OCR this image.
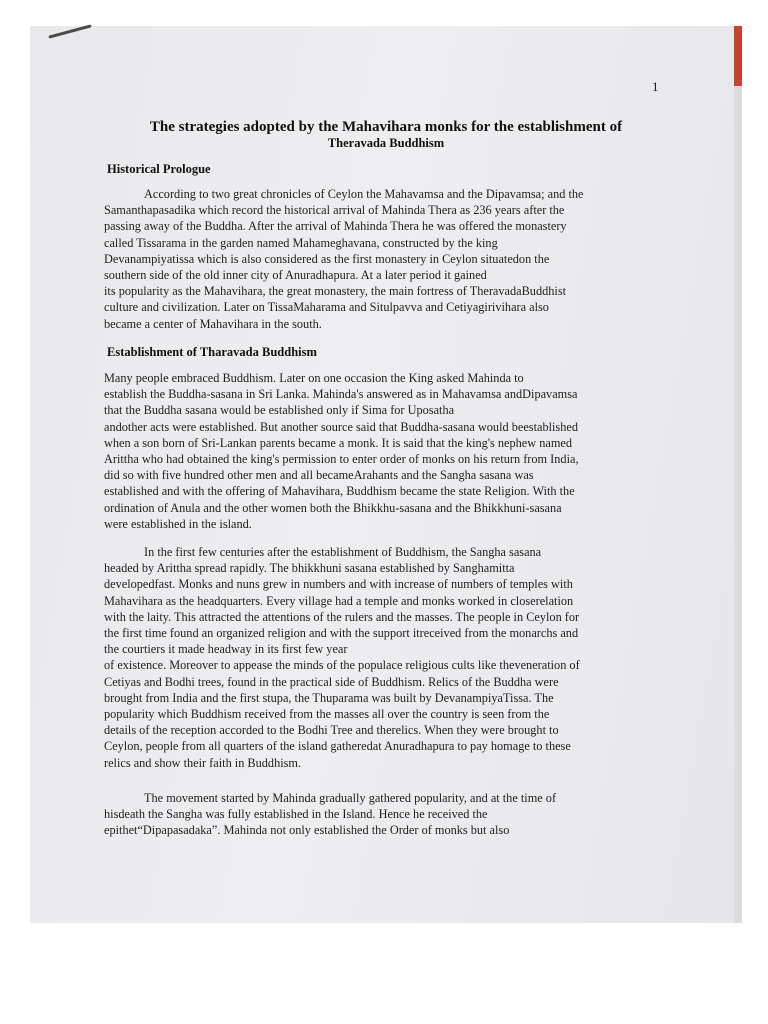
1
The strategies adopted by the Mahavihara monks for the establishment of
Theravada Buddhism
Historical Prologue
According to two great chronicles of Ceylon the Mahavamsa and the Dipavamsa; and the
Samanthapasadika which record the historical arrival of Mahinda Thera as 236 years after the
passing away of the Buddha. After the arrival of Mahinda Thera he was offered the monastery
called Tissarama in the garden named Mahameghavana, constructed by the king
Devanampiyatissa which is also considered as the first monastery in Ceylon situatedon the
southern side of the old inner city of Anuradhapura. At a later period it gained
its popularity as the Mahavihara, the great monastery, the main fortress of TheravadaBuddhist
culture and civilization. Later on TissaMaharama and Situlpavva and Cetiyagirivihara also
became a center of Mahavihara in the south.
Establishment of Tharavada Buddhism
Many people embraced Buddhism. Later on one occasion the King asked Mahinda to
establish the Buddha-sasana in Sri Lanka. Mahinda's answered as in Mahavamsa andDipavamsa
that the Buddha sasana would be established only if Sima for Uposatha
andother acts were established. But another source said that Buddha-sasana would beestablished
when a son born of Sri-Lankan parents became a monk. It is said that the king's nephew named
Arittha who had obtained the king's permission to enter order of monks on his return from India,
did so with five hundred other men and all becameArahants and the Sangha sasana was
established and with the offering of Mahavihara, Buddhism became the state Religion. With the
ordination of Anula and the other women both the Bhikkhu-sasana and the Bhikkhuni-sasana
were established in the island.
In the first few centuries after the establishment of Buddhism, the Sangha sasana
headed by Arittha spread rapidly. The bhikkhuni sasana established by Sanghamitta
developedfast. Monks and nuns grew in numbers and with increase of numbers of temples with
Mahavihara as the headquarters. Every village had a temple and monks worked in closerelation
with the laity. This attracted the attentions of the rulers and the masses. The people in Ceylon for
the first time found an organized religion and with the support itreceived from the monarchs and
the courtiers it made headway in its first few year
of existence. Moreover to appease the minds of the populace religious cults like theveneration of
Cetiyas and Bodhi trees, found in the practical side of Buddhism. Relics of the Buddha were
brought from India and the first stupa, the Thuparama was built by DevanampiyaTissa. The
popularity which Buddhism received from the masses all over the country is seen from the
details of the reception accorded to the Bodhi Tree and therelics. When they were brought to
Ceylon, people from all quarters of the island gatheredat Anuradhapura to pay homage to these
relics and show their faith in Buddhism.
The movement started by Mahinda gradually gathered popularity, and at the time of
hisdeath the Sangha was fully established in the Island. Hence he received the
epithet“Dipapasadaka”. Mahinda not only established the Order of monks but also
